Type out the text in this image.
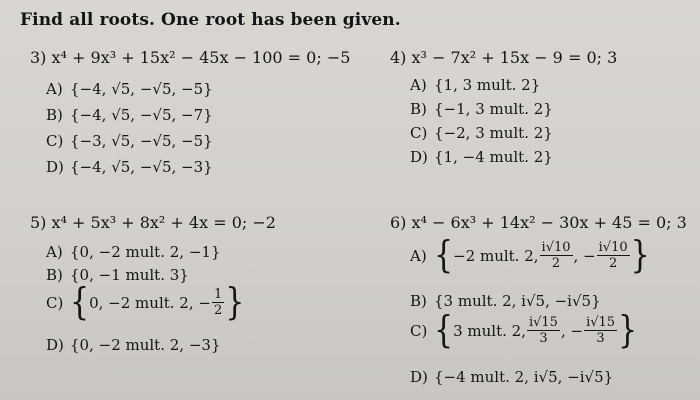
Find all roots. One root has been given.
3) x⁴ + 9x³ + 15x² − 45x − 100 = 0; −5
A) {−4, √5, −√5, −5}
B) {−4, √5, −√5, −7}
C) {−3, √5, −√5, −5}
D) {−4, √5, −√5, −3}
4) x³ − 7x² + 15x − 9 = 0; 3
A) {1, 3 mult. 2}
B) {−1, 3 mult. 2}
C) {−2, 3 mult. 2}
D) {1, −4 mult. 2}
5) x⁴ + 5x³ + 8x² + 4x = 0; −2
A) {0, −2 mult. 2, −1}
B) {0, −1 mult. 3}
C) { 0, −2 mult. 2, − $\frac{1}{2}$ }
D) {0, −2 mult. 2, −3}
6) x⁴ − 6x³ + 14x² − 30x + 45 = 0; 3
A) { −2 mult. 2, $\frac{i√10}{2}$ , − $\frac{i√10}{2}$ }
B) {3 mult. 2, i√5, −i√5}
C) { 3 mult. 2, $\frac{i√15}{3}$ , − $\frac{i√15}{3}$ }
D) {−4 mult. 2, i√5, −i√5}
